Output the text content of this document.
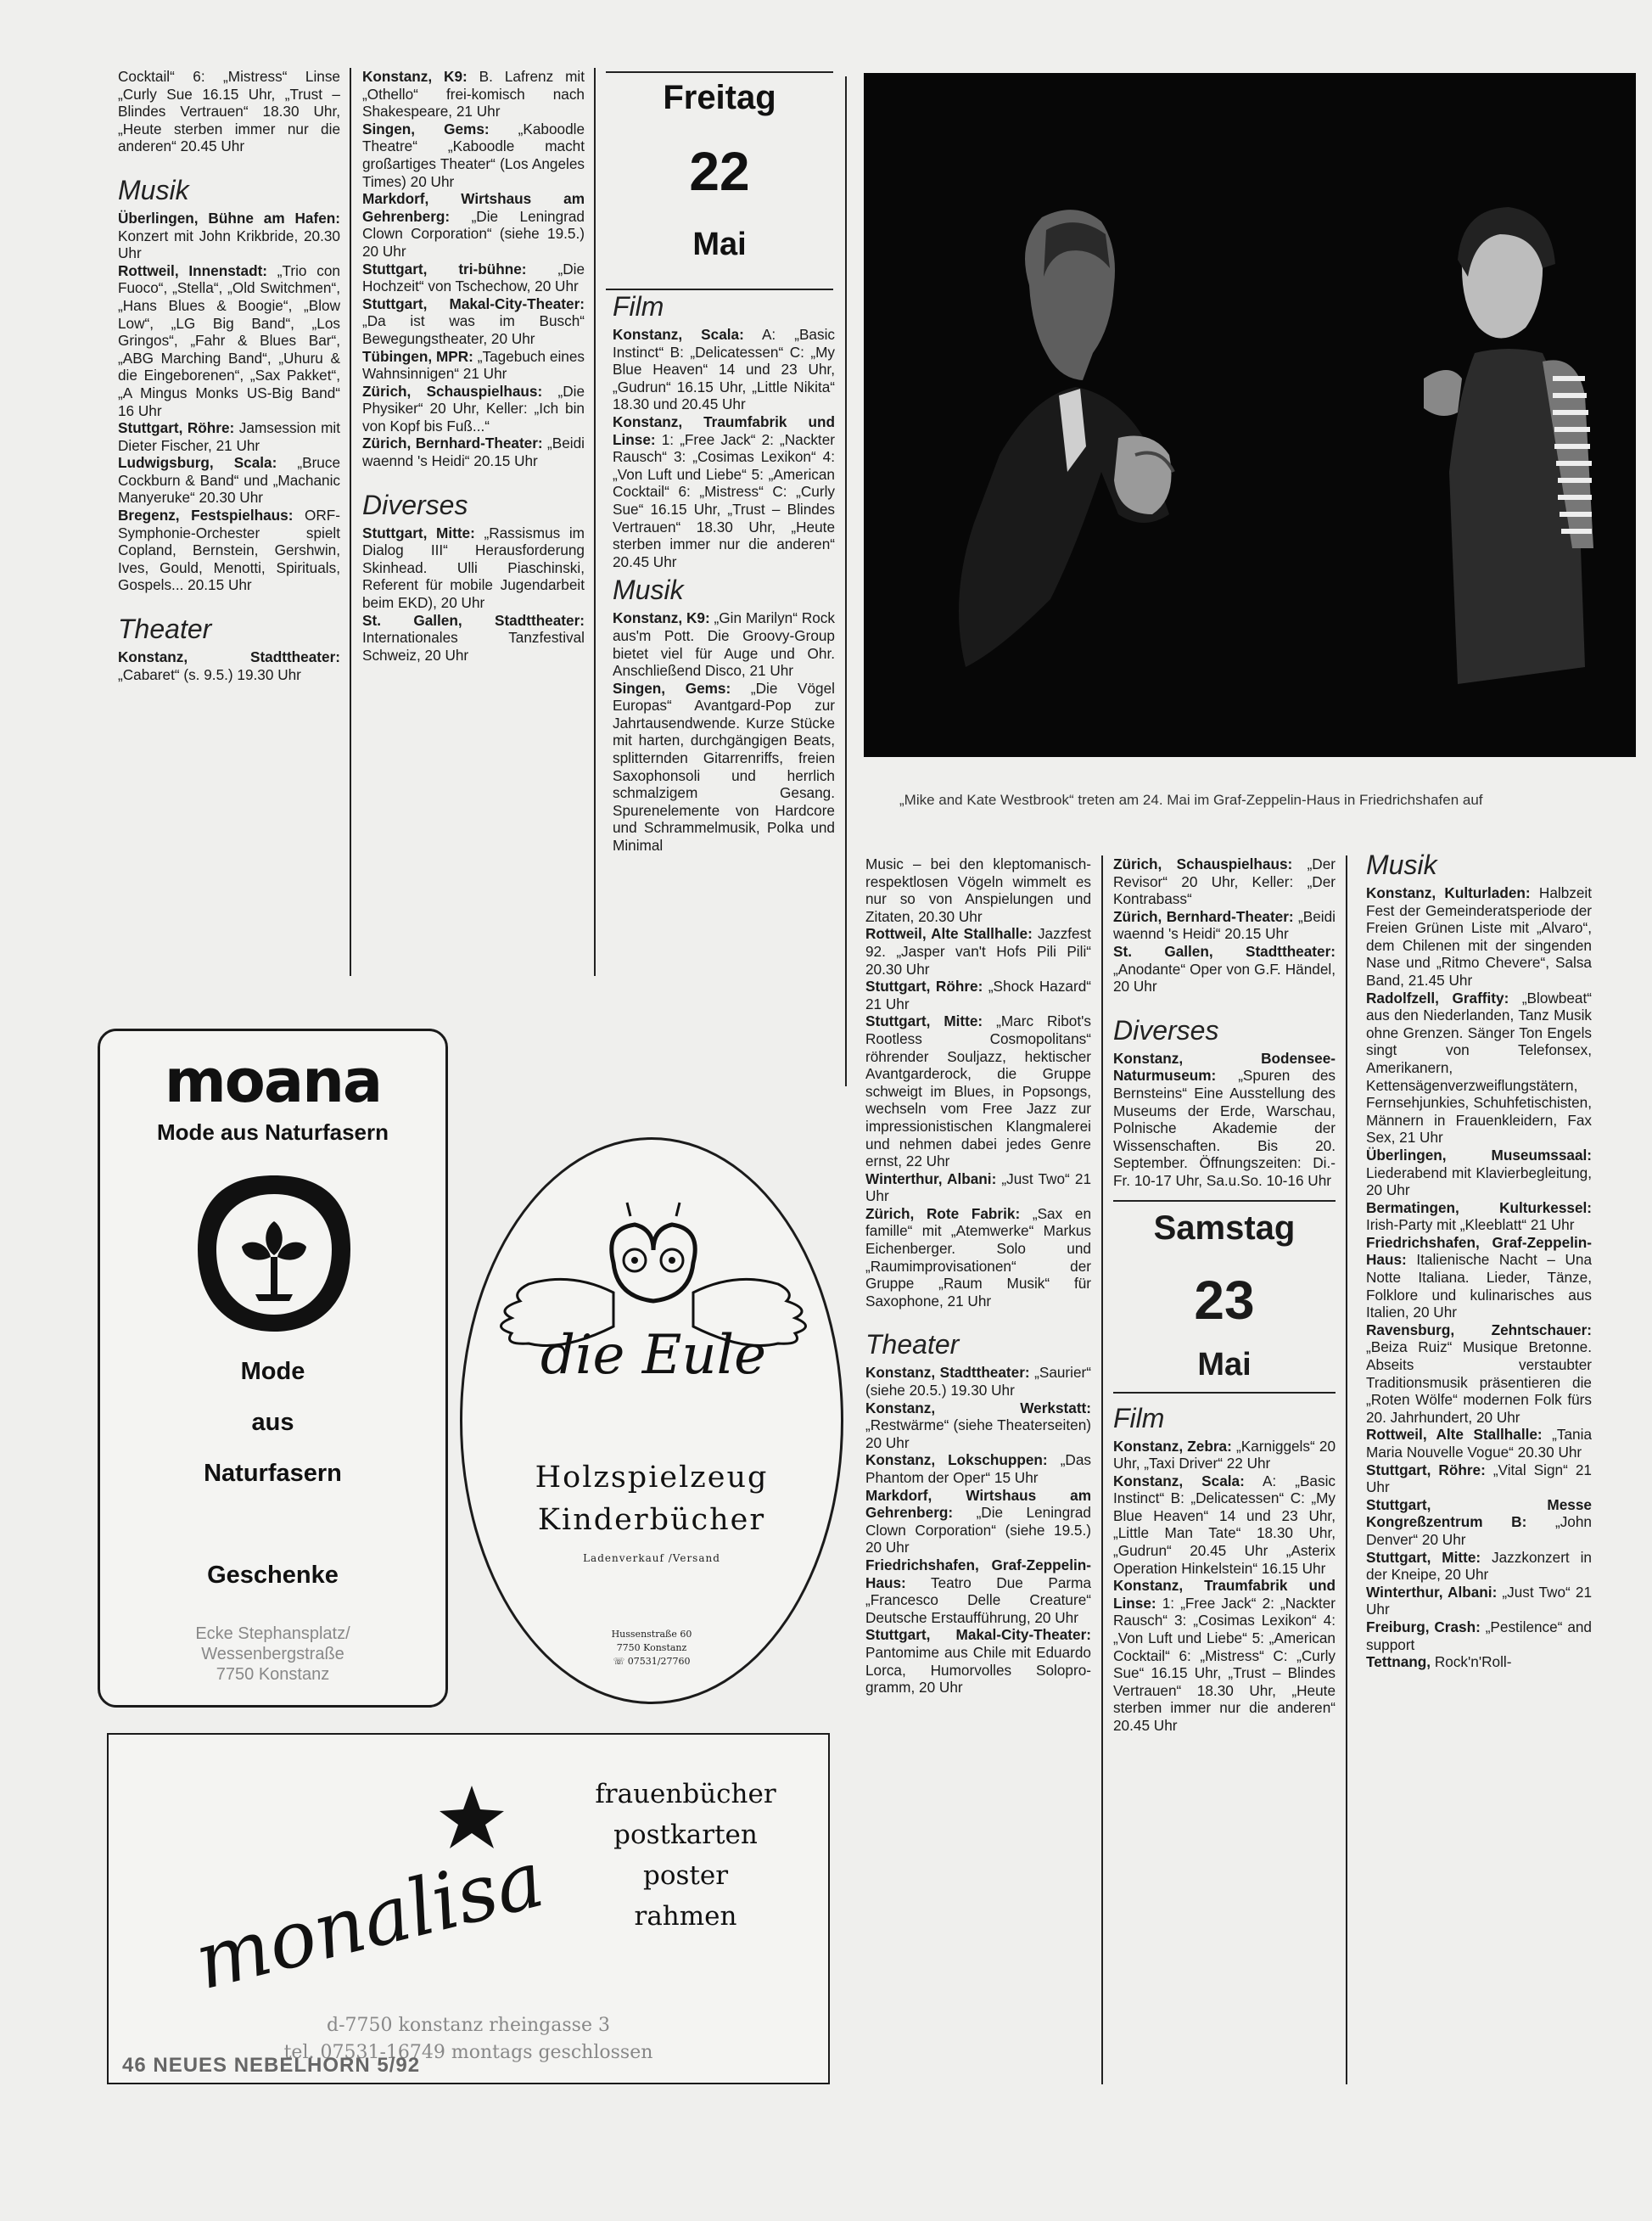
Cocktail“ 6: „Mistress“ Linse „Curly Sue 16.15 Uhr, „Trust – Blindes Vertrauen“ 18.30 Uhr, „Heute sterben immer nur die anderen“ 20.45 Uhr
Musik
Überlingen, Bühne am Hafen: Konzert mit John Krikbride, 20.30 Uhr
Rottweil, Innenstadt: „Trio con Fuoco“, „Stella“, „Old Switchmen“, „Hans Blues & Boogie“, „Blow Low“, „LG Big Band“, „Los Gringos“, „Fahr & Blues Bar“, „ABG Marching Band“, „Uhuru & die Eingeborenen“, „Sax Pakket“, „A Mingus Monks US-Big Band“ 16 Uhr
Stuttgart, Röhre: Jamsession mit Dieter Fischer, 21 Uhr
Ludwigsburg, Scala: „Bruce Cockburn & Band“ und „Machanic Manyeruke“ 20.30 Uhr
Bregenz, Festspielhaus: ORF-Symphonie-Orchester spielt Copland, Bernstein, Gershwin, Ives, Gould, Menotti, Spirituals, Gospels... 20.15 Uhr
Theater
Konstanz, Stadttheater: „Cabaret“ (s. 9.5.) 19.30 Uhr
Konstanz, K9: B. Lafrenz mit „Othello“ frei-komisch nach Shakespeare, 21 Uhr
Singen, Gems: „Kaboodle Theatre“ „Kaboodle macht großartiges Theater“ (Los Angeles Times) 20 Uhr
Markdorf, Wirtshaus am Gehrenberg: „Die Leningrad Clown Corporation“ (siehe 19.5.) 20 Uhr
Stuttgart, tri-bühne: „Die Hochzeit“ von Tschechow, 20 Uhr
Stuttgart, Makal-City-Theater: „Da ist was im Busch“ Bewegungstheater, 20 Uhr
Tübingen, MPR: „Tagebuch eines Wahnsinnigen“ 21 Uhr
Zürich, Schauspielhaus: „Die Physiker“ 20 Uhr, Keller: „Ich bin von Kopf bis Fuß...“
Zürich, Bernhard-Theater: „Beidi waennd 's Heidi“ 20.15 Uhr
Diverses
Stuttgart, Mitte: „Rassismus im Dialog III“ Herausforderung Skinhead. Ulli Piaschinski, Referent für mobile Jugendarbeit beim EKD), 20 Uhr
St. Gallen, Stadttheater: Internationales Tanzfestival Schweiz, 20 Uhr
Freitag
22
Mai
Film
Konstanz, Scala: A: „Basic Instinct“ B: „Delicatessen“ C: „My Blue Heaven“ 14 und 23 Uhr, „Gudrun“ 16.15 Uhr, „Little Nikita“ 18.30 und 20.45 Uhr
Konstanz, Traumfabrik und Linse: 1: „Free Jack“ 2: „Nackter Rausch“ 3: „Cosimas Lexikon“ 4: „Von Luft und Liebe“ 5: „American Cocktail“ 6: „Mistress“ C: „Curly Sue“ 16.15 Uhr, „Trust – Blindes Vertrauen“ 18.30 Uhr, „Heute sterben immer nur die anderen“ 20.45 Uhr
Musik
Konstanz, K9: „Gin Marilyn“ Rock aus'm Pott. Die Groovy-Group bietet viel für Auge und Ohr. Anschließend Disco, 21 Uhr
Singen, Gems: „Die Vögel Europas“ Avantgard-Pop zur Jahrtausendwende. Kurze Stücke mit harten, durchgängigen Beats, splitternden Gitarrenriffs, freien Saxophonsoli und herrlich schmalzigem Gesang. Spurenelemente von Hardcore und Schrammelmusik, Polka und Minimal
„Mike and Kate Westbrook“ treten am 24. Mai im Graf-Zeppelin-Haus in Friedrichshafen auf
Music – bei den kleptomanisch-respektlosen Vögeln wimmelt es nur so von Anspielungen und Zitaten, 20.30 Uhr
Rottweil, Alte Stallhalle: Jazzfest 92. „Jasper van't Hofs Pili Pili“ 20.30 Uhr
Stuttgart, Röhre: „Shock Hazard“ 21 Uhr
Stuttgart, Mitte: „Marc Ribot's Rootless Cosmopolitans“ röhrender Souljazz, hektischer Avantgarderock, die Gruppe schweigt im Blues, in Popsongs, wechseln vom Free Jazz zur impressionistischen Klangmalerei und nehmen dabei jedes Genre ernst, 22 Uhr
Winterthur, Albani: „Just Two“ 21 Uhr
Zürich, Rote Fabrik: „Sax en famille“ mit „Atemwerke“ Markus Eichenberger. Solo und „Raumimprovisationen“ der Gruppe „Raum Musik“ für Saxophone, 21 Uhr
Theater
Konstanz, Stadttheater: „Saurier“ (siehe 20.5.) 19.30 Uhr
Konstanz, Werkstatt: „Restwärme“ (siehe Theaterseiten) 20 Uhr
Konstanz, Lokschuppen: „Das Phantom der Oper“ 15 Uhr
Markdorf, Wirtshaus am Gehrenberg: „Die Leningrad Clown Corporation“ (siehe 19.5.) 20 Uhr
Friedrichshafen, Graf-Zeppelin-Haus: Teatro Due Parma „Francesco Delle Creature“ Deutsche Erstaufführung, 20 Uhr
Stuttgart, Makal-City-Theater: Pantomime aus Chile mit Eduardo Lorca, Humorvolles Solopro-gramm, 20 Uhr
Zürich, Schauspielhaus: „Der Revisor“ 20 Uhr, Keller: „Der Kontrabass“
Zürich, Bernhard-Theater: „Beidi waennd 's Heidi“ 20.15 Uhr
St. Gallen, Stadttheater: „Anodante“ Oper von G.F. Händel, 20 Uhr
Diverses
Konstanz, Bodensee-Naturmuseum: „Spuren des Bernsteins“ Eine Ausstellung des Museums der Erde, Warschau, Polnische Akademie der Wissenschaften. Bis 20. September. Öffnungszeiten: Di.-Fr. 10-17 Uhr, Sa.u.So. 10-16 Uhr
Samstag
23
Mai
Film
Konstanz, Zebra: „Karniggels“ 20 Uhr, „Taxi Driver“ 22 Uhr
Konstanz, Scala: A: „Basic Instinct“ B: „Delicatessen“ C: „My Blue Heaven“ 14 und 23 Uhr, „Little Man Tate“ 18.30 Uhr, „Gudrun“ 20.45 Uhr „Asterix Operation Hinkelstein“ 16.15 Uhr
Konstanz, Traumfabrik und Linse: 1: „Free Jack“ 2: „Nackter Rausch“ 3: „Cosimas Lexikon“ 4: „Von Luft und Liebe“ 5: „American Cocktail“ 6: „Mistress“ C: „Curly Sue“ 16.15 Uhr, „Trust – Blindes Vertrauen“ 18.30 Uhr, „Heute sterben immer nur die anderen“ 20.45 Uhr
Musik
Konstanz, Kulturladen: Halbzeit Fest der Gemeinderatsperiode der Freien Grünen Liste mit „Alvaro“, dem Chilenen mit der singenden Nase und „Ritmo Chevere“, Salsa Band, 21.45 Uhr
Radolfzell, Graffity: „Blowbeat“ aus den Niederlanden, Tanz Musik ohne Grenzen. Sänger Ton Engels singt von Telefonsex, Amerikanern, Kettensägenverzweiflungstätern, Fernsehjunkies, Schuhfetischisten, Männern in Frauenkleidern, Fax Sex, 21 Uhr
Überlingen, Museumssaal: Liederabend mit Klavierbegleitung, 20 Uhr
Bermatingen, Kulturkessel: Irish-Party mit „Kleeblatt“ 21 Uhr
Friedrichshafen, Graf-Zeppelin-Haus: Italienische Nacht – Una Notte Italiana. Lieder, Tänze, Folklore und kulinarisches aus Italien, 20 Uhr
Ravensburg, Zehntschauer: „Beiza Ruiz“ Musique Bretonne. Abseits verstaubter Traditionsmusik präsentieren die „Roten Wölfe“ modernen Folk fürs 20. Jahrhundert, 20 Uhr
Rottweil, Alte Stallhalle: „Tania Maria Nouvelle Vogue“ 20.30 Uhr
Stuttgart, Röhre: „Vital Sign“ 21 Uhr
Stuttgart, Messe Kongreßzentrum B: „John Denver“ 20 Uhr
Stuttgart, Mitte: Jazzkonzert in der Kneipe, 20 Uhr
Winterthur, Albani: „Just Two“ 21 Uhr
Freiburg, Crash: „Pestilence“ and support
Tettnang, Rock'n'Roll-
moana
Mode aus Naturfasern
Mode
aus
Naturfasern
Geschenke
Ecke Stephansplatz/
Wessenbergstraße
7750 Konstanz
die Eule
Holzspielzeug
Kinderbücher
Ladenverkauf /Versand
Hussenstraße 60
7750 Konstanz
☏ 07531/27760
monalisa
frauenbücher
postkarten
poster
rahmen
d-7750 konstanz rheingasse 3
tel. 07531-16749 montags geschlossen
46 NEUES NEBELHORN 5/92
